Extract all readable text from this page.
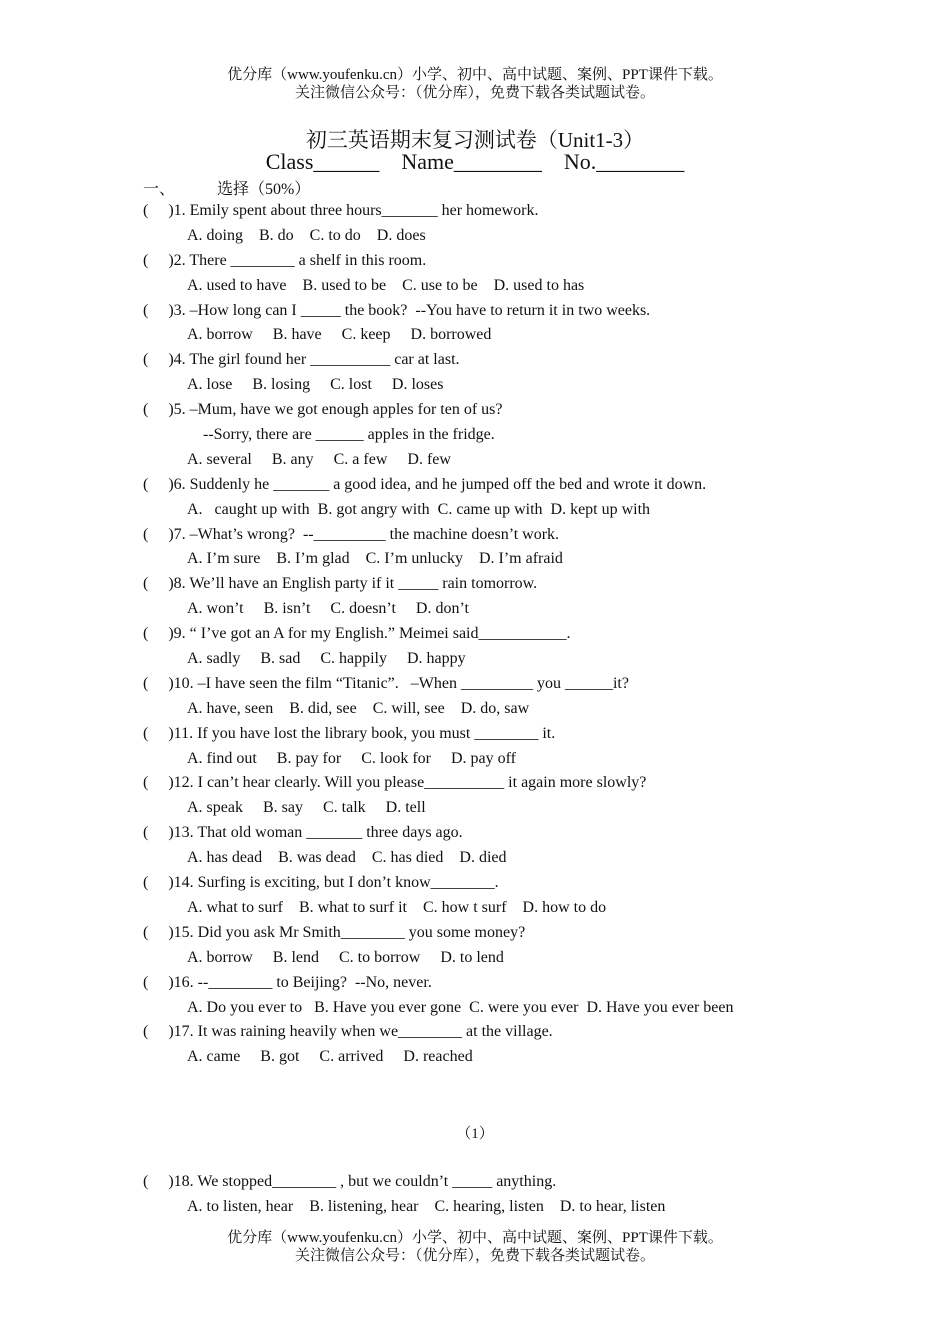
优分库（www.youfenku.cn）小学、初中、高中试题、案例、PPT课件下载。
关注微信公众号：（优分库），免费下载各类试题试卷。
初三英语期末复习测试卷（Unit1-3）
Class______    Name________    No.________
一、	选择（50%）
(     )1. Emily spent about three hours_______ her homework.
A. doing    B. do    C. to do    D. does
(     )2. There ________ a shelf in this room.
A. used to have    B. used to be    C. use to be    D. used to has
(     )3. –How long can I _____ the book?  --You have to return it in two weeks.
A. borrow     B. have     C. keep     D. borrowed
(     )4. The girl found her __________ car at last.
A. lose     B. losing     C. lost     D. loses
(     )5. –Mum, have we got enough apples for ten of us?
--Sorry, there are ______ apples in the fridge.
A. several     B. any     C. a few     D. few
(     )6. Suddenly he _______ a good idea, and he jumped off the bed and wrote it down.
A.   caught up with  B. got angry with  C. came up with  D. kept up with
(     )7. –What’s wrong?  --_________ the machine doesn’t work.
A. I’m sure    B. I’m glad    C. I’m unlucky    D. I’m afraid
(     )8. We’ll have an English party if it _____ rain tomorrow.
A. won’t     B. isn’t     C. doesn’t     D. don’t
(     )9. “ I’ve got an A for my English.” Meimei said___________.
A. sadly     B. sad     C. happily     D. happy
(     )10. –I have seen the film “Titanic”.   –When _________ you ______it?
A. have, seen    B. did, see    C. will, see    D. do, saw
(     )11. If you have lost the library book, you must ________ it.
A. find out     B. pay for     C. look for     D. pay off
(     )12. I can’t hear clearly. Will you please__________ it again more slowly?
A. speak     B. say     C. talk     D. tell
(     )13. That old woman _______ three days ago.
A. has dead    B. was dead    C. has died    D. died
(     )14. Surfing is exciting, but I don’t know________.
A. what to surf    B. what to surf it    C. how t surf    D. how to do
(     )15. Did you ask Mr Smith________ you some money?
A. borrow     B. lend     C. to borrow     D. to lend
(     )16. --________ to Beijing?  --No, never.
A. Do you ever to   B. Have you ever gone  C. were you ever  D. Have you ever been
(     )17. It was raining heavily when we________ at the village.
A. came     B. got     C. arrived     D. reached
（1）
(     )18. We stopped________ , but we couldn’t _____ anything.
A. to listen, hear    B. listening, hear    C. hearing, listen    D. to hear, listen
优分库（www.youfenku.cn）小学、初中、高中试题、案例、PPT课件下载。
关注微信公众号：（优分库），免费下载各类试题试卷。
